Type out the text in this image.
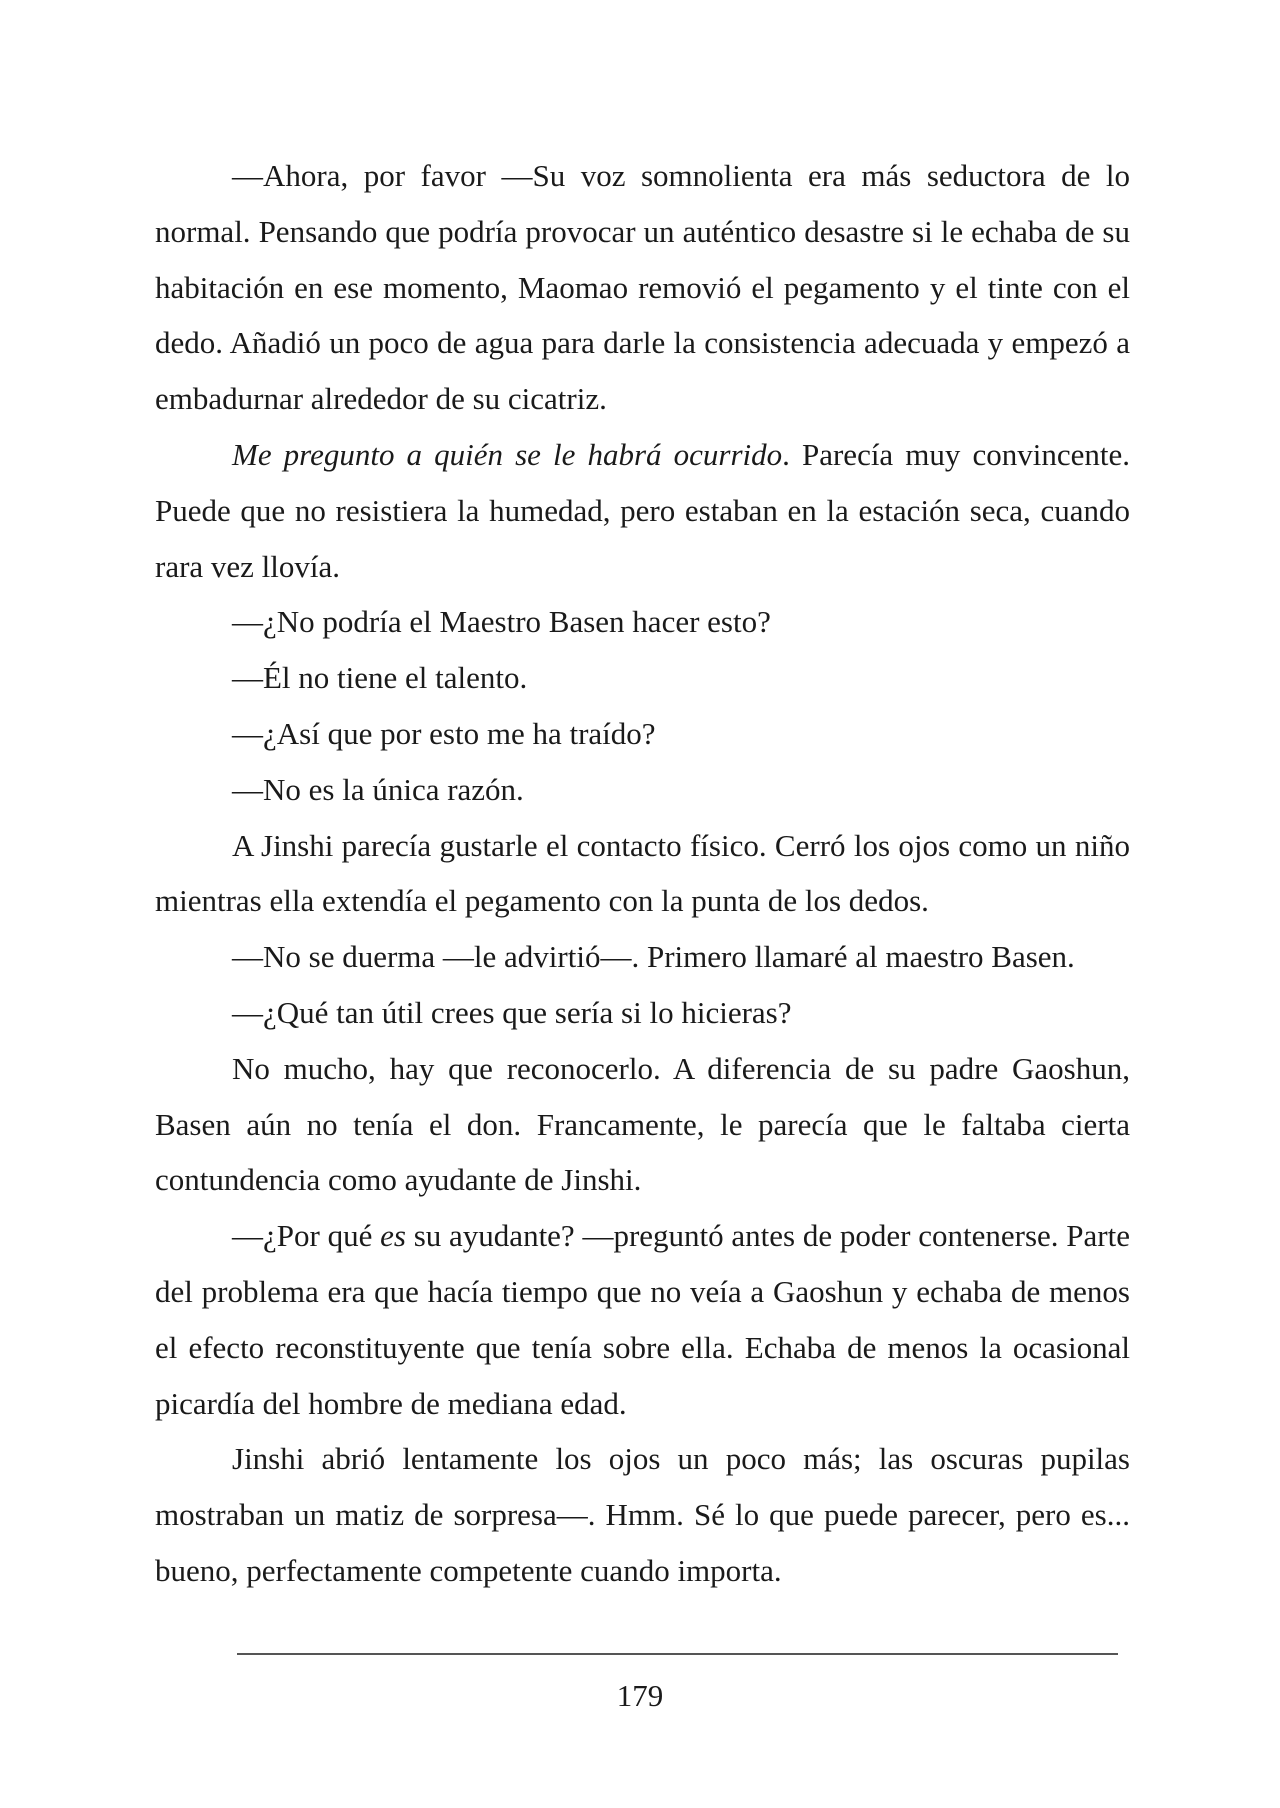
—Ahora, por favor —Su voz somnolienta era más seductora de lo normal. Pensando que podría provocar un auténtico desastre si le echaba de su habitación en ese momento, Maomao removió el pegamento y el tinte con el dedo. Añadió un poco de agua para darle la consistencia adecuada y empezó a embadurnar alrededor de su cicatriz.

Me pregunto a quién se le habrá ocurrido. Parecía muy convincente. Puede que no resistiera la humedad, pero estaban en la estación seca, cuando rara vez llovía.

—¿No podría el Maestro Basen hacer esto?

—Él no tiene el talento.

—¿Así que por esto me ha traído?

—No es la única razón.

A Jinshi parecía gustarle el contacto físico. Cerró los ojos como un niño mientras ella extendía el pegamento con la punta de los dedos.

—No se duerma —le advirtió—. Primero llamaré al maestro Basen.

—¿Qué tan útil crees que sería si lo hicieras?

No mucho, hay que reconocerlo. A diferencia de su padre Gaoshun, Basen aún no tenía el don. Francamente, le parecía que le faltaba cierta contundencia como ayudante de Jinshi.

—¿Por qué es su ayudante? —preguntó antes de poder contenerse. Parte del problema era que hacía tiempo que no veía a Gaoshun y echaba de menos el efecto reconstituyente que tenía sobre ella. Echaba de menos la ocasional picardía del hombre de mediana edad.

Jinshi abrió lentamente los ojos un poco más; las oscuras pupilas mostraban un matiz de sorpresa—. Hmm. Sé lo que puede parecer, pero es... bueno, perfectamente competente cuando importa.

179
